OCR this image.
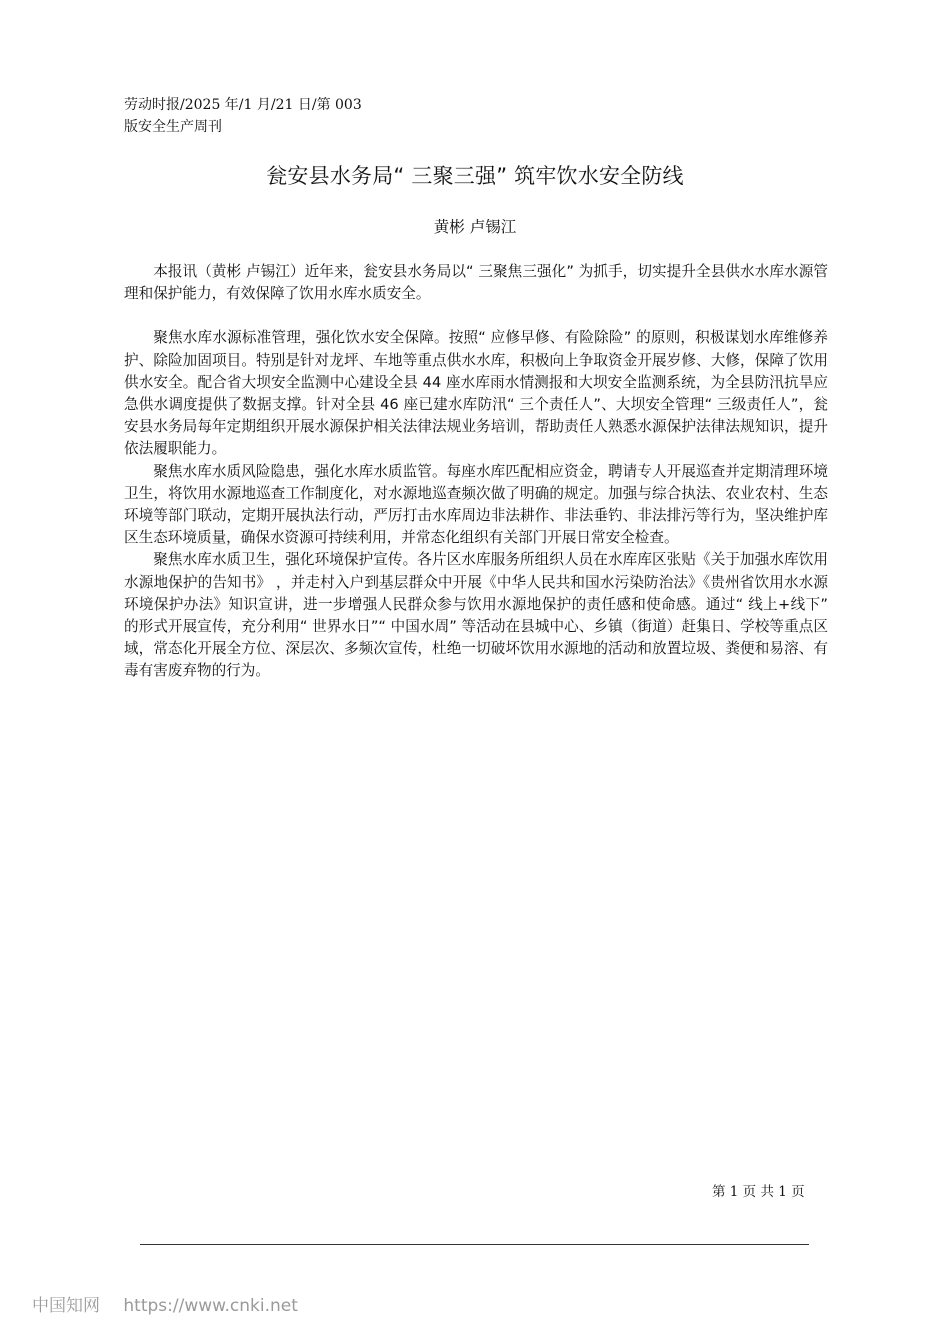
劳动时报/2025 年/1 月/21 日/第 003
版安全生产周刊
瓮安县水务局“ 三聚三强” 筑牢饮水安全防线
黄彬 卢锡江

本报讯（黄彬 卢锡江）近年来，瓮安县水务局以“ 三聚焦三强化” 为抓手，切实提升全县供水水库水源管理和保护能力，有效保障了饮用水库水质安全。

聚焦水库水源标准管理，强化饮水安全保障。按照“ 应修早修、有险除险” 的原则，积极谋划水库维修养护、除险加固项目。特别是针对龙坪、车地等重点供水水库，积极向上争取资金开展岁修、大修，保障了饮用供水安全。配合省大坝安全监测中心建设全县 44 座水库雨水情测报和大坝安全监测系统，为全县防汛抗旱应急供水调度提供了数据支撑。针对全县 46 座已建水库防汛“ 三个责任人”、大坝安全管理“ 三级责任人”，瓮安县水务局每年定期组织开展水源保护相关法律法规业务培训，帮助责任人熟悉水源保护法律法规知识，提升依法履职能力。

聚焦水库水质风险隐患，强化水库水质监管。每座水库匹配相应资金，聘请专人开展巡查并定期清理环境卫生，将饮用水源地巡查工作制度化，对水源地巡查频次做了明确的规定。加强与综合执法、农业农村、生态环境等部门联动，定期开展执法行动，严厉打击水库周边非法耕作、非法垂钓、非法排污等行为，坚决维护库区生态环境质量，确保水资源可持续利用，并常态化组织有关部门开展日常安全检查。

聚焦水库水质卫生，强化环境保护宣传。各片区水库服务所组织人员在水库库区张贴《关于加强水库饮用水源地保护的告知书》 ，并走村入户到基层群众中开展《中华人民共和国水污染防治法》《贵州省饮用水水源环境保护办法》知识宣讲，进一步增强人民群众参与饮用水源地保护的责任感和使命感。通过“ 线上+线下” 的形式开展宣传，充分利用“ 世界水日”“ 中国水周” 等活动在县城中心、乡镇（街道）赶集日、学校等重点区域，常态化开展全方位、深层次、多频次宣传，杜绝一切破坏饮用水源地的活动和放置垃圾、粪便和易溶、有毒有害废弃物的行为。

第 1 页 共 1 页
中国知网 https://www.cnki.net
